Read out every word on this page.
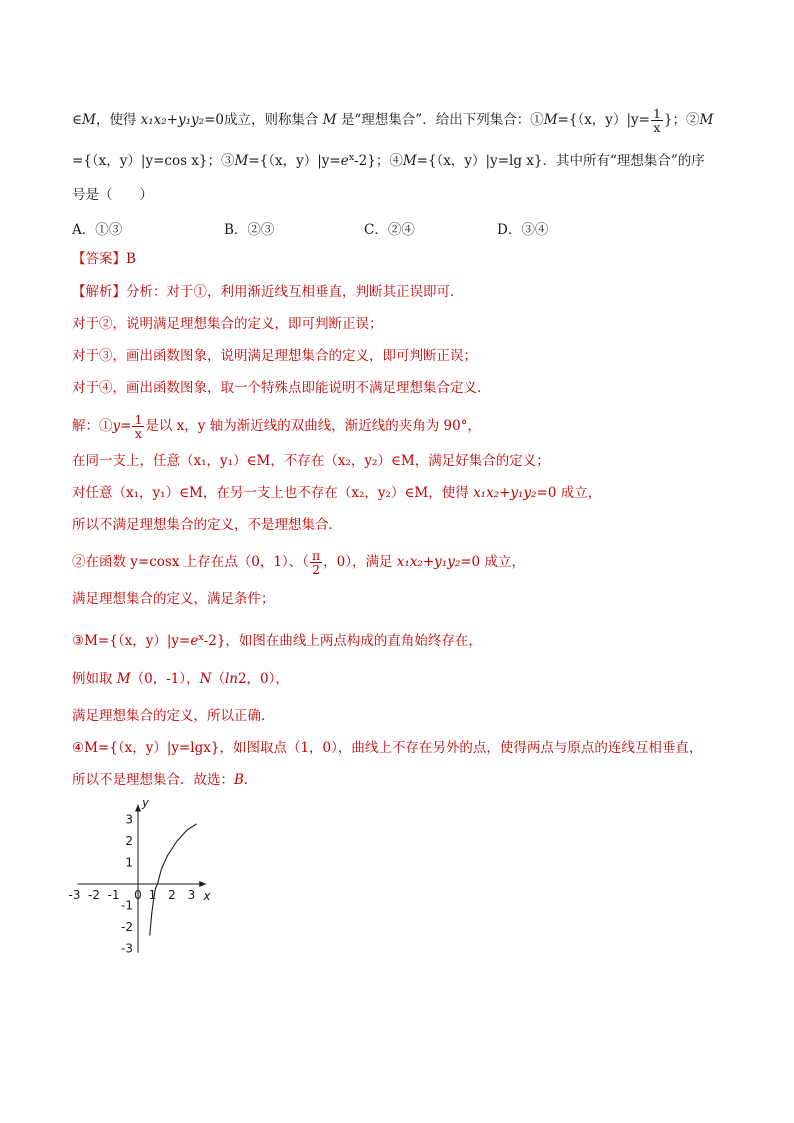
∈M，使得 x₁x₂+y₁y₂=0成立，则称集合 M 是“理想集合”．给出下列集合：①M={（x，$y)|y= \frac{1}{x}$ }；②M
={（x，y）|y=cos x}；③M={（x，$y)|y=e^x-2$}；④M={（x，y）|y=lg x}．其中所有“理想集合”的序
号是（　　）
A．①③	B．②③	C．②④	D．③④
【答案】B
【解析】分析：对于①，利用渐近线互相垂直，判断其正误即可．
对于②，说明满足理想集合的定义，即可判断正误；
对于③，画出函数图象，说明满足理想集合的定义，即可判断正误；
对于④，画出函数图象，取一个特殊点即能说明不满足理想集合定义．
解：①y= $\frac{1}{x}$ 是以 x，y 轴为渐近线的双曲线，渐近线的夹角为 90°，
在同一支上，任意（x₁，y₁）∈M，不存在（x₂，y₂）∈M，满足好集合的定义；
对任意（x₁，y₁）∈M，在另一支上也不存在（x₂，y₂）∈M，使得 x₁x₂+y₁y₂=0 成立，
所以不满足理想集合的定义，不是理想集合．
②在函数 y=cosx 上存在点（0，1）、（ $\frac{\pi}{2}$ ，0），满足 x₁x₂+y₁y₂=0 成立，
满足理想集合的定义，满足条件；
③M={（x，$y)|y=e^x-2$}，如图在曲线上两点构成的直角始终存在，
例如取 M（0，-1），N（ln2，0），
满足理想集合的定义，所以正确．
④M={（x，y）|y=lgx}，如图取点（1，0），曲线上不存在另外的点，使得两点与原点的连线互相垂直，
所以不是理想集合．故选：B．
x
y
-3 -2 -1 0 1 2 3
3
2
1
-1
-2
-3
